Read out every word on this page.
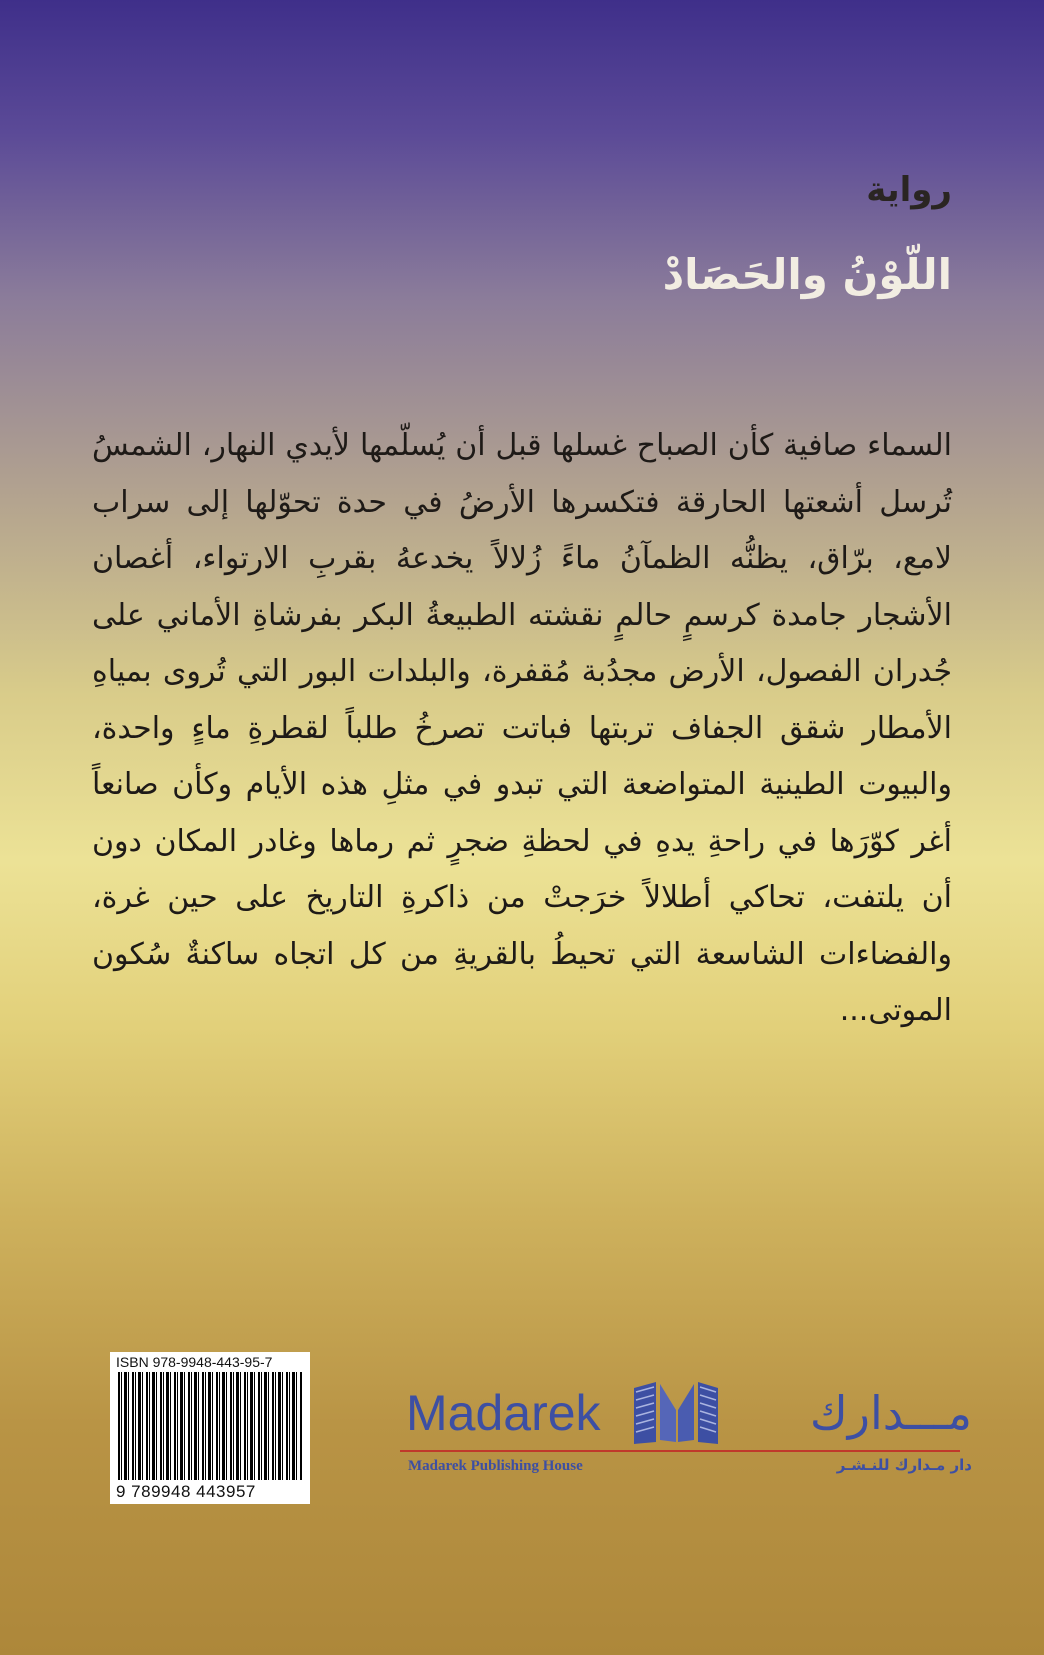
رواية
اللّوْنُ والحَصَادْ

السماء صافية كأن الصباح غسلها قبل أن يُسلّمها لأيدي النهار، الشمسُ تُرسل أشعتها الحارقة فتكسرها الأرضُ في حدة تحوّلها إلى سراب لامع، برّاق، يظنُّه الظمآنُ ماءً زُلالاً يخدعهُ بقربِ الارتواء، أغصان الأشجار جامدة كرسمٍ حالمٍ نقشته الطبيعةُ البكر بفرشاةِ الأماني على جُدران الفصول، الأرض مجدُبة مُقفرة، والبلدات البور التي تُروى بمياهِ الأمطار شقق الجفاف تربتها فباتت تصرخُ طلباً لقطرةِ ماءٍ واحدة، والبيوت الطينية المتواضعة التي تبدو في مثلِ هذه الأيام وكأن صانعاً أغر كوّرَها في راحةِ يدهِ في لحظةِ ضجرٍ ثم رماها وغادر المكان دون أن يلتفت، تحاكي أطلالاً خرَجتْ من ذاكرةِ التاريخ على حين غرة، والفضاءات الشاسعة التي تحيطُ بالقريةِ من كل اتجاه ساكنةٌ سُكون الموتى...

ISBN 978-9948-443-95-7
9 789948 443957
Madarek	مـــدارك
Madarek Publishing House	دار مـدارك للنـشـر
